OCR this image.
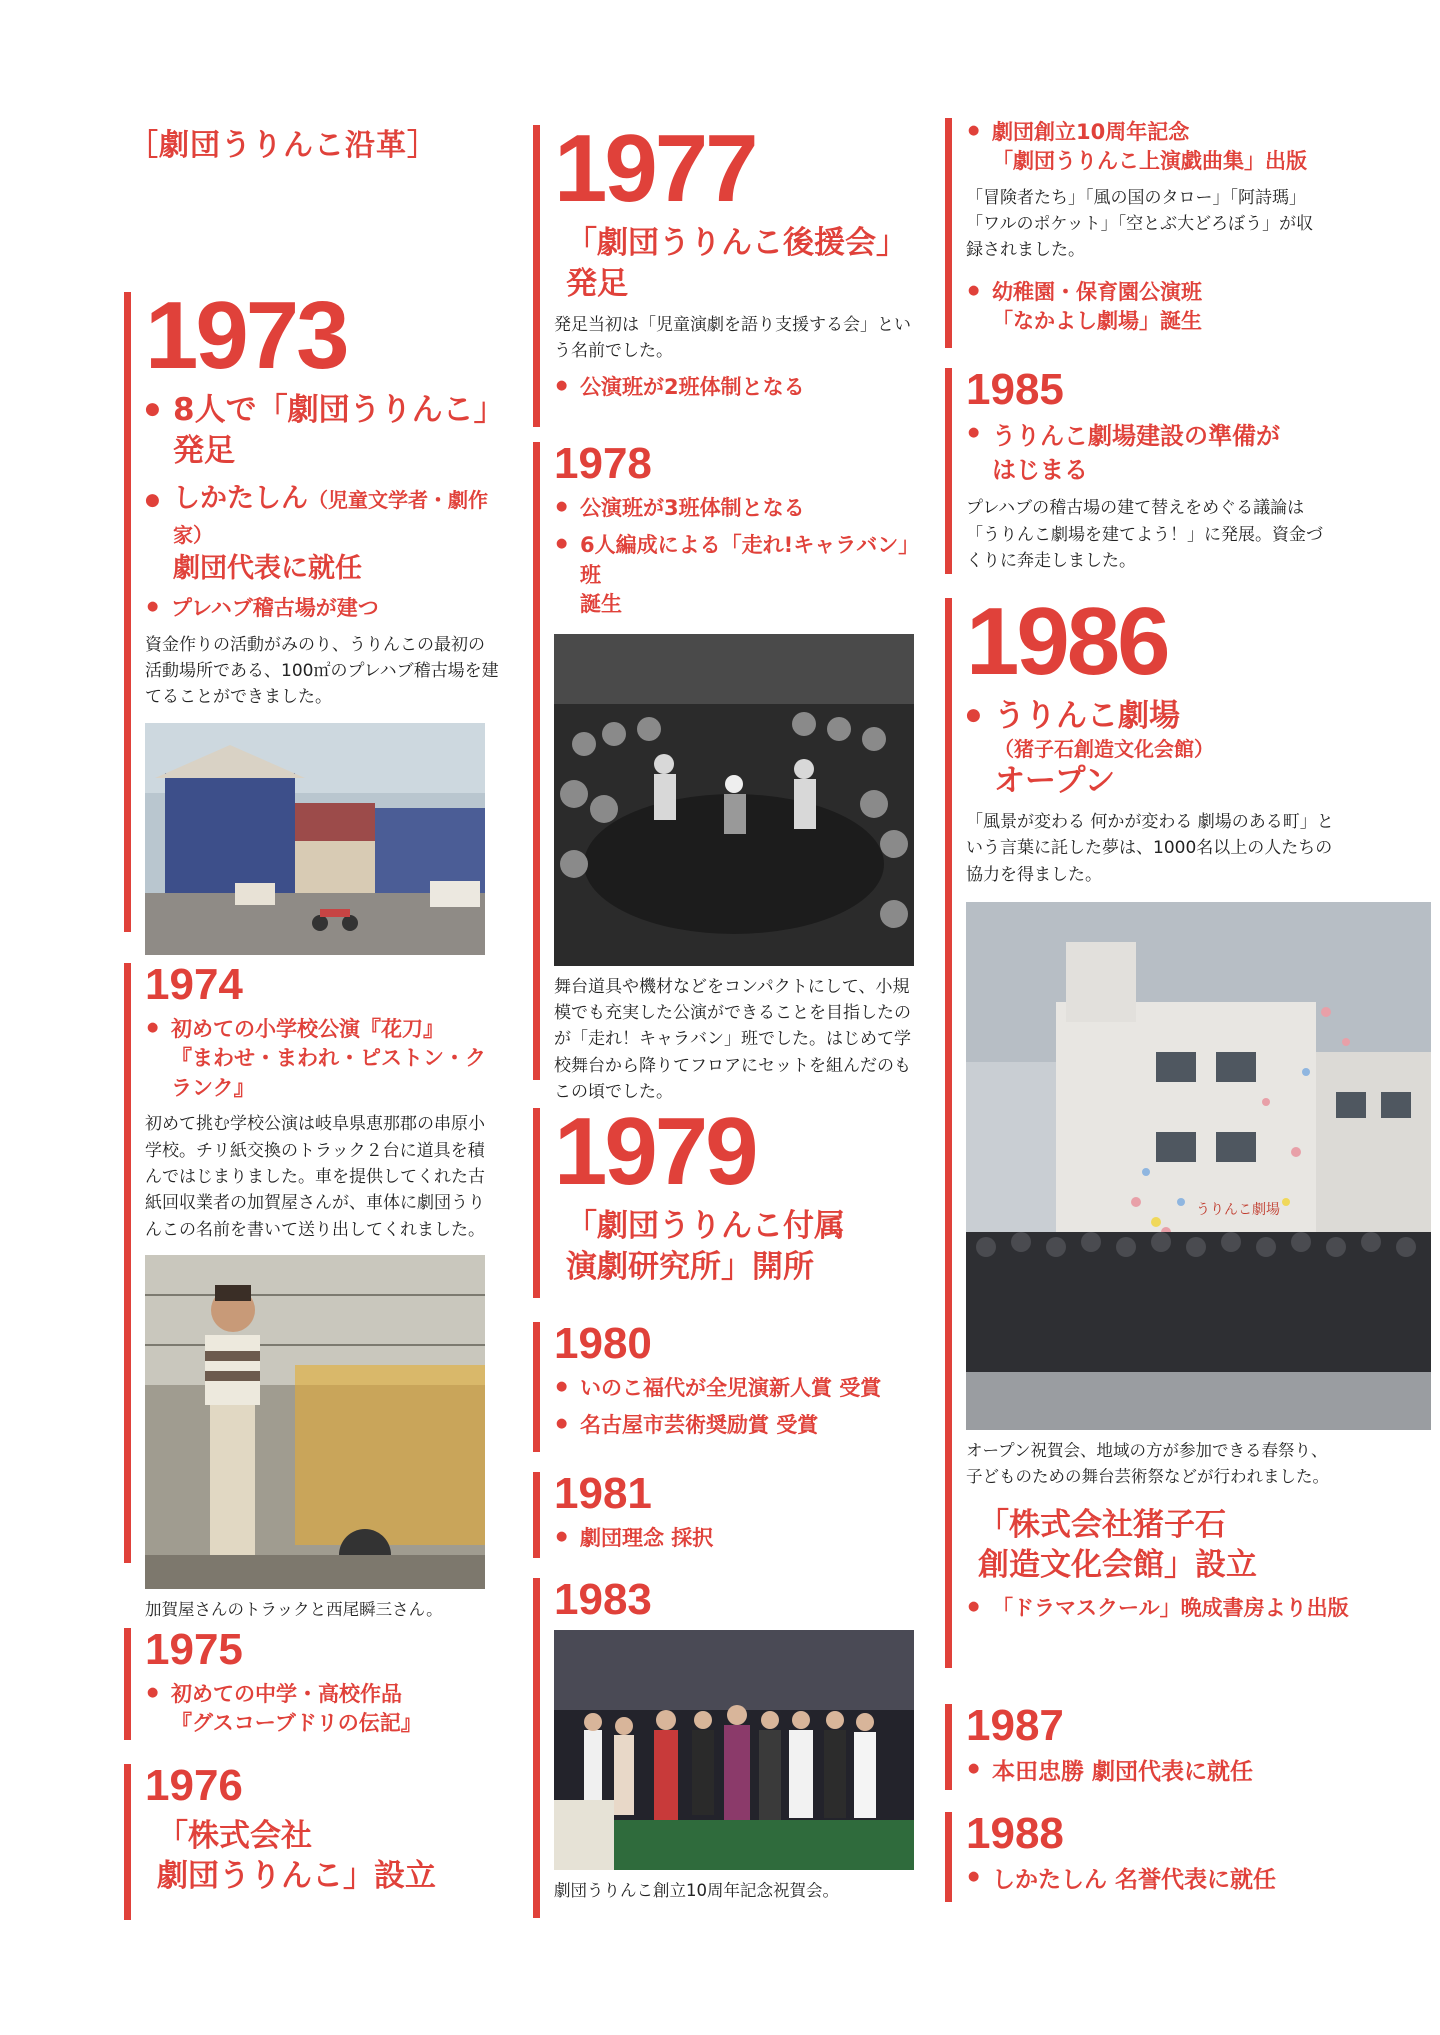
［劇団うりんこ沿革］

1973

● 8人で「劇団うりんこ」
発足

● しかたしん（児童文学者・劇作家）
劇団代表に就任

● プレハブ稽古場が建つ

資金作りの活動がみのり、うりんこの最初の活動場所である、100㎡のプレハブ稽古場を建てることができました。

1974

● 初めての小学校公演『花刀』
『まわせ・まわれ・ピストン・クランク』

初めて挑む学校公演は岐阜県恵那郡の串原小学校。チリ紙交換のトラック２台に道具を積んではじまりました。車を提供してくれた古紙回収業者の加賀屋さんが、車体に劇団うりんこの名前を書いて送り出してくれました。

加賀屋さんのトラックと西尾瞬三さん。

1975

● 初めての中学・高校作品
『グスコーブドリの伝記』

1976

「株式会社
劇団うりんこ」設立

1977

「劇団うりんこ後援会」
発足

発足当初は「児童演劇を語り支援する会」という名前でした。

● 公演班が2班体制となる

1978

● 公演班が3班体制となる

● 6人編成による「走れ!キャラバン」班
誕生

舞台道具や機材などをコンパクトにして、小規模でも充実した公演ができることを目指したのが「走れ！キャラバン」班でした。はじめて学校舞台から降りてフロアにセットを組んだのもこの頃でした。

1979

「劇団うりんこ付属
演劇研究所」開所

1980

● いのこ福代が全児演新人賞 受賞

● 名古屋市芸術奨励賞 受賞

1981

● 劇団理念 採択

1983

劇団うりんこ創立10周年記念祝賀会。

● 劇団創立10周年記念
「劇団うりんこ上演戯曲集」出版

「冒険者たち」「風の国のタロー」「阿詩瑪」「ワルのポケット」「空とぶ大どろぼう」が収録されました。

● 幼稚園・保育園公演班
「なかよし劇場」誕生

1985

● うりんこ劇場建設の準備が
はじまる

プレハブの稽古場の建て替えをめぐる議論は「うりんこ劇場を建てよう！」に発展。資金づくりに奔走しました。

1986

● うりんこ劇場
（猪子石創造文化会館）
オープン

「風景が変わる 何かが変わる 劇場のある町」という言葉に託した夢は、1000名以上の人たちの協力を得ました。

うりんこ劇場

オープン祝賀会、地域の方が参加できる春祭り、子どものための舞台芸術祭などが行われました。

「株式会社猪子石
創造文化会館」設立

● 「ドラマスクール」晩成書房より出版

1987

● 本田忠勝 劇団代表に就任

1988

● しかたしん 名誉代表に就任
